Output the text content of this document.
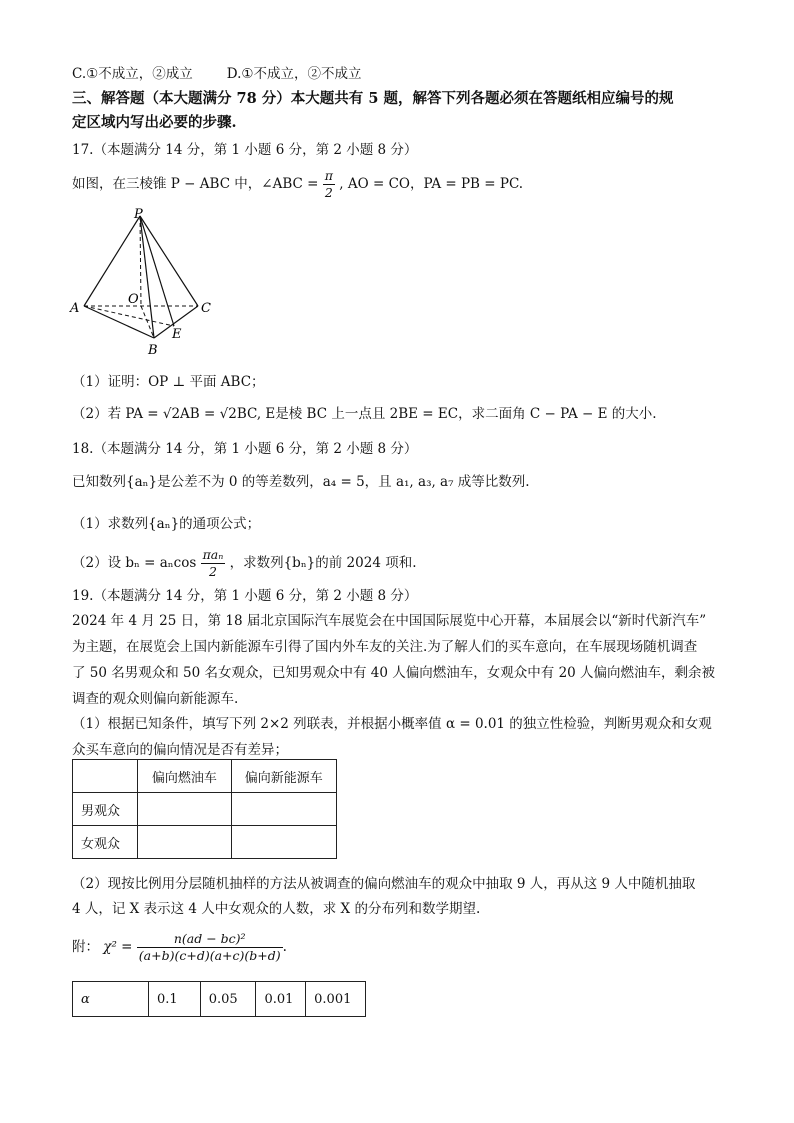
C.①不成立，②成立	D.①不成立，②不成立
三、解答题（本大题满分 78 分）本大题共有 5 题，解答下列各题必须在答题纸相应编号的规
定区域内写出必要的步骤.
17.（本题满分 14 分，第 1 小题 6 分，第 2 小题 8 分）
如图，在三棱锥 P − ABC 中，∠ABC = $\frac{\pi}{2}$ , AO = CO，PA = PB = PC.
P
A
O
C
E
B
（1）证明：OP ⊥ 平面 ABC；
（2）若 PA = √2AB = √2BC, E是棱 BC 上一点且 2BE = EC，求二面角 C − PA − E 的大小.
18.（本题满分 14 分，第 1 小题 6 分，第 2 小题 8 分）
已知数列{aₙ}是公差不为 0 的等差数列，a₄ = 5，且 a₁, a₃, a₇ 成等比数列.
（1）求数列{aₙ}的通项公式；
（2）设 bₙ = aₙcos $\frac{\text{πaₙ}}{2}$ ，求数列{bₙ}的前 2024 项和.
19.（本题满分 14 分，第 1 小题 6 分，第 2 小题 8 分）
2024 年 4 月 25 日，第 18 届北京国际汽车展览会在中国国际展览中心开幕，本届展会以“新时代新汽车”
为主题，在展览会上国内新能源车引得了国内外车友的关注.为了解人们的买车意向，在车展现场随机调查
了 50 名男观众和 50 名女观众，已知男观众中有 40 人偏向燃油车，女观众中有 20 人偏向燃油车，剩余被
调查的观众则偏向新能源车.
（1）根据已知条件，填写下列 2×2 列联表，并根据小概率值 α = 0.01 的独立性检验，判断男观众和女观
众买车意向的偏向情况是否有差异；
	偏向燃油车	偏向新能源车
男观众		
女观众		
（2）现按比例用分层随机抽样的方法从被调查的偏向燃油车的观众中抽取 9 人，再从这 9 人中随机抽取
4 人，记 X 表示这 4 人中女观众的人数，求 X 的分布列和数学期望.
附： $\chi^2 = \frac{\text{n(ad − bc)²}}{(a+b)(c+d)(a+c)(b+d)}$ .
α	0.1	0.05	0.01	0.001
